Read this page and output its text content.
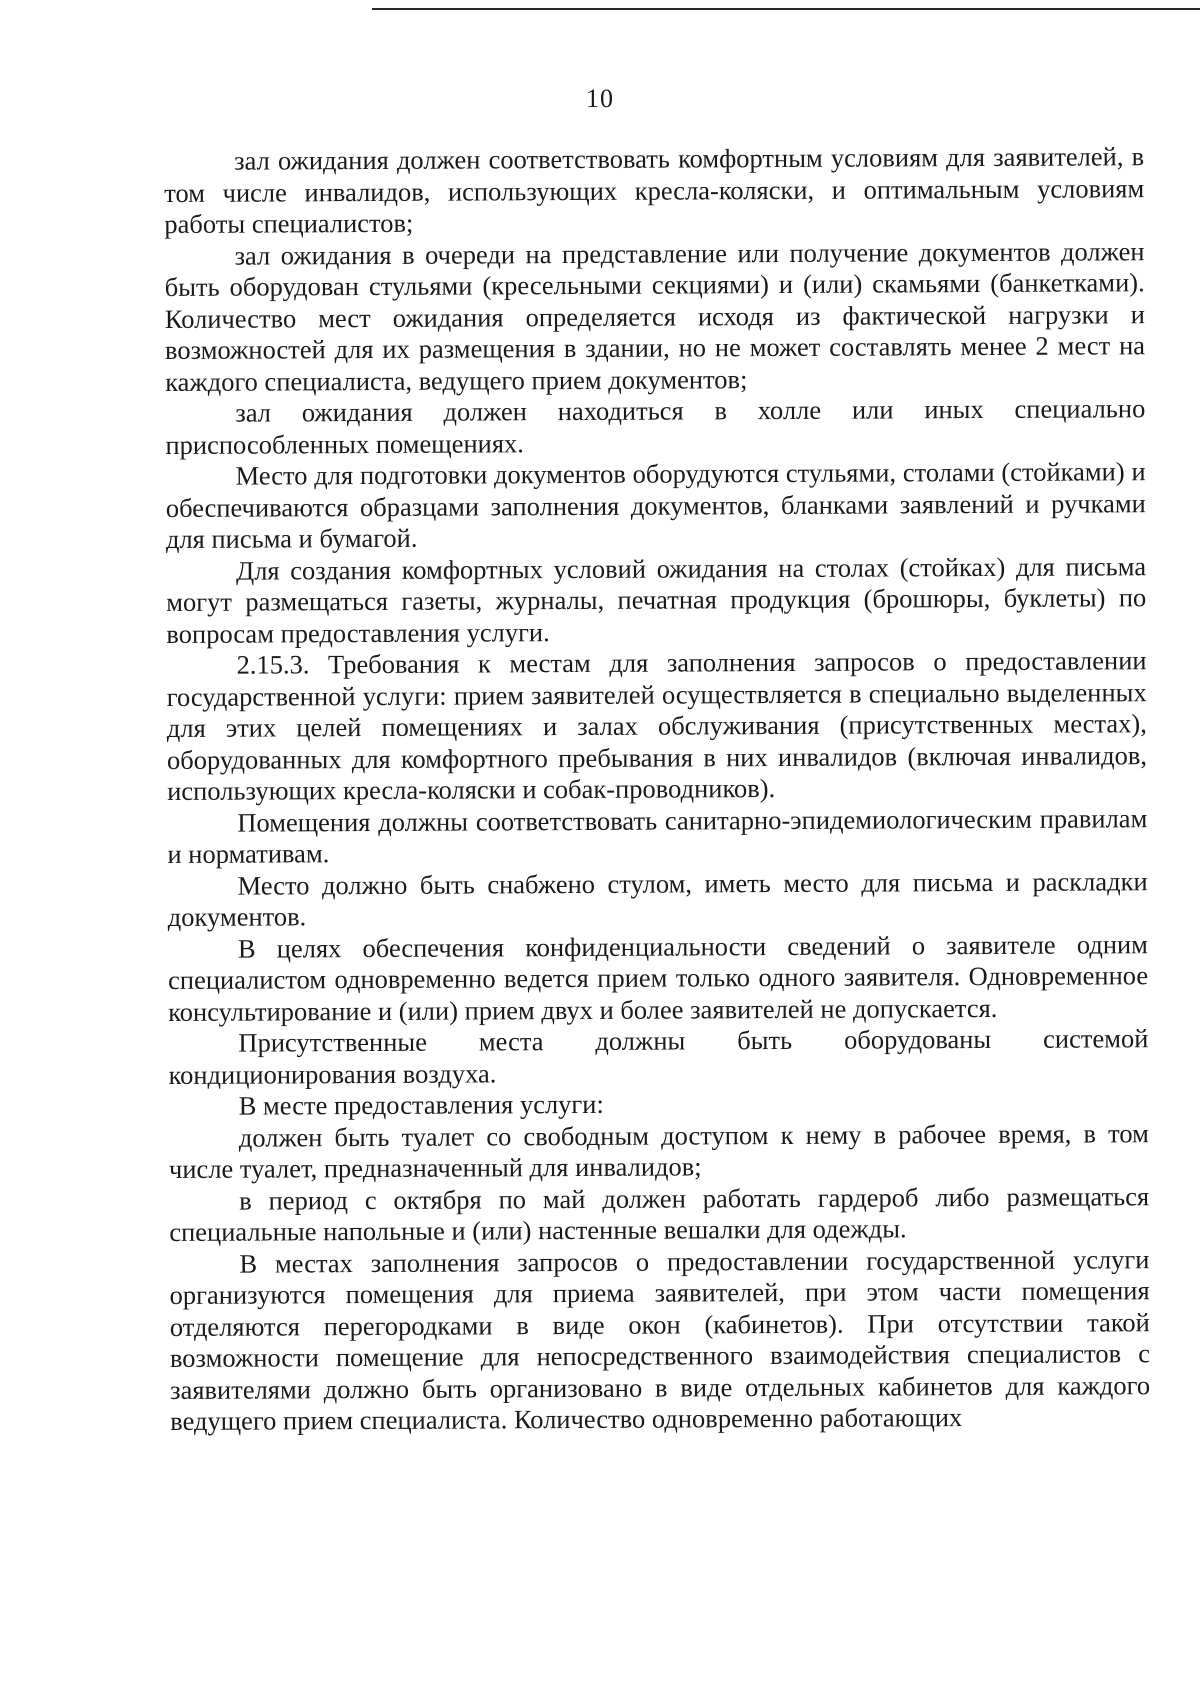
10

зал ожидания должен соответствовать комфортным условиям для заявителей, в том числе инвалидов, использующих кресла-коляски, и оптимальным условиям работы специалистов;

зал ожидания в очереди на представление или получение документов должен быть оборудован стульями (кресельными секциями) и (или) скамьями (банкетками). Количество мест ожидания определяется исходя из фактической нагрузки и возможностей для их размещения в здании, но не может составлять менее 2 мест на каждого специалиста, ведущего прием документов;

зал ожидания должен находиться в холле или иных специально приспособленных помещениях.

Место для подготовки документов оборудуются стульями, столами (стойками) и обеспечиваются образцами заполнения документов, бланками заявлений и ручками для письма и бумагой.

Для создания комфортных условий ожидания на столах (стойках) для письма могут размещаться газеты, журналы, печатная продукция (брошюры, буклеты) по вопросам предоставления услуги.

2.15.3. Требования к местам для заполнения запросов о предоставлении государственной услуги: прием заявителей осуществляется в специально выделенных для этих целей помещениях и залах обслуживания (присутственных местах), оборудованных для комфортного пребывания в них инвалидов (включая инвалидов, использующих кресла-коляски и собак-проводников).

Помещения должны соответствовать санитарно-эпидемиологическим правилам и нормативам.

Место должно быть снабжено стулом, иметь место для письма и раскладки документов.

В целях обеспечения конфиденциальности сведений о заявителе одним специалистом одновременно ведется прием только одного заявителя. Одновременное консультирование и (или) прием двух и более заявителей не допускается.

Присутственные места должны быть оборудованы системой кондиционирования воздуха.

В месте предоставления услуги:

должен быть туалет со свободным доступом к нему в рабочее время, в том числе туалет, предназначенный для инвалидов;

в период с октября по май должен работать гардероб либо размещаться специальные напольные и (или) настенные вешалки для одежды.

В местах заполнения запросов о предоставлении государственной услуги организуются помещения для приема заявителей, при этом части помещения отделяются перегородками в виде окон (кабинетов). При отсутствии такой возможности помещение для непосредственного взаимодействия специалистов с заявителями должно быть организовано в виде отдельных кабинетов для каждого ведущего прием специалиста. Количество одновременно работающих
